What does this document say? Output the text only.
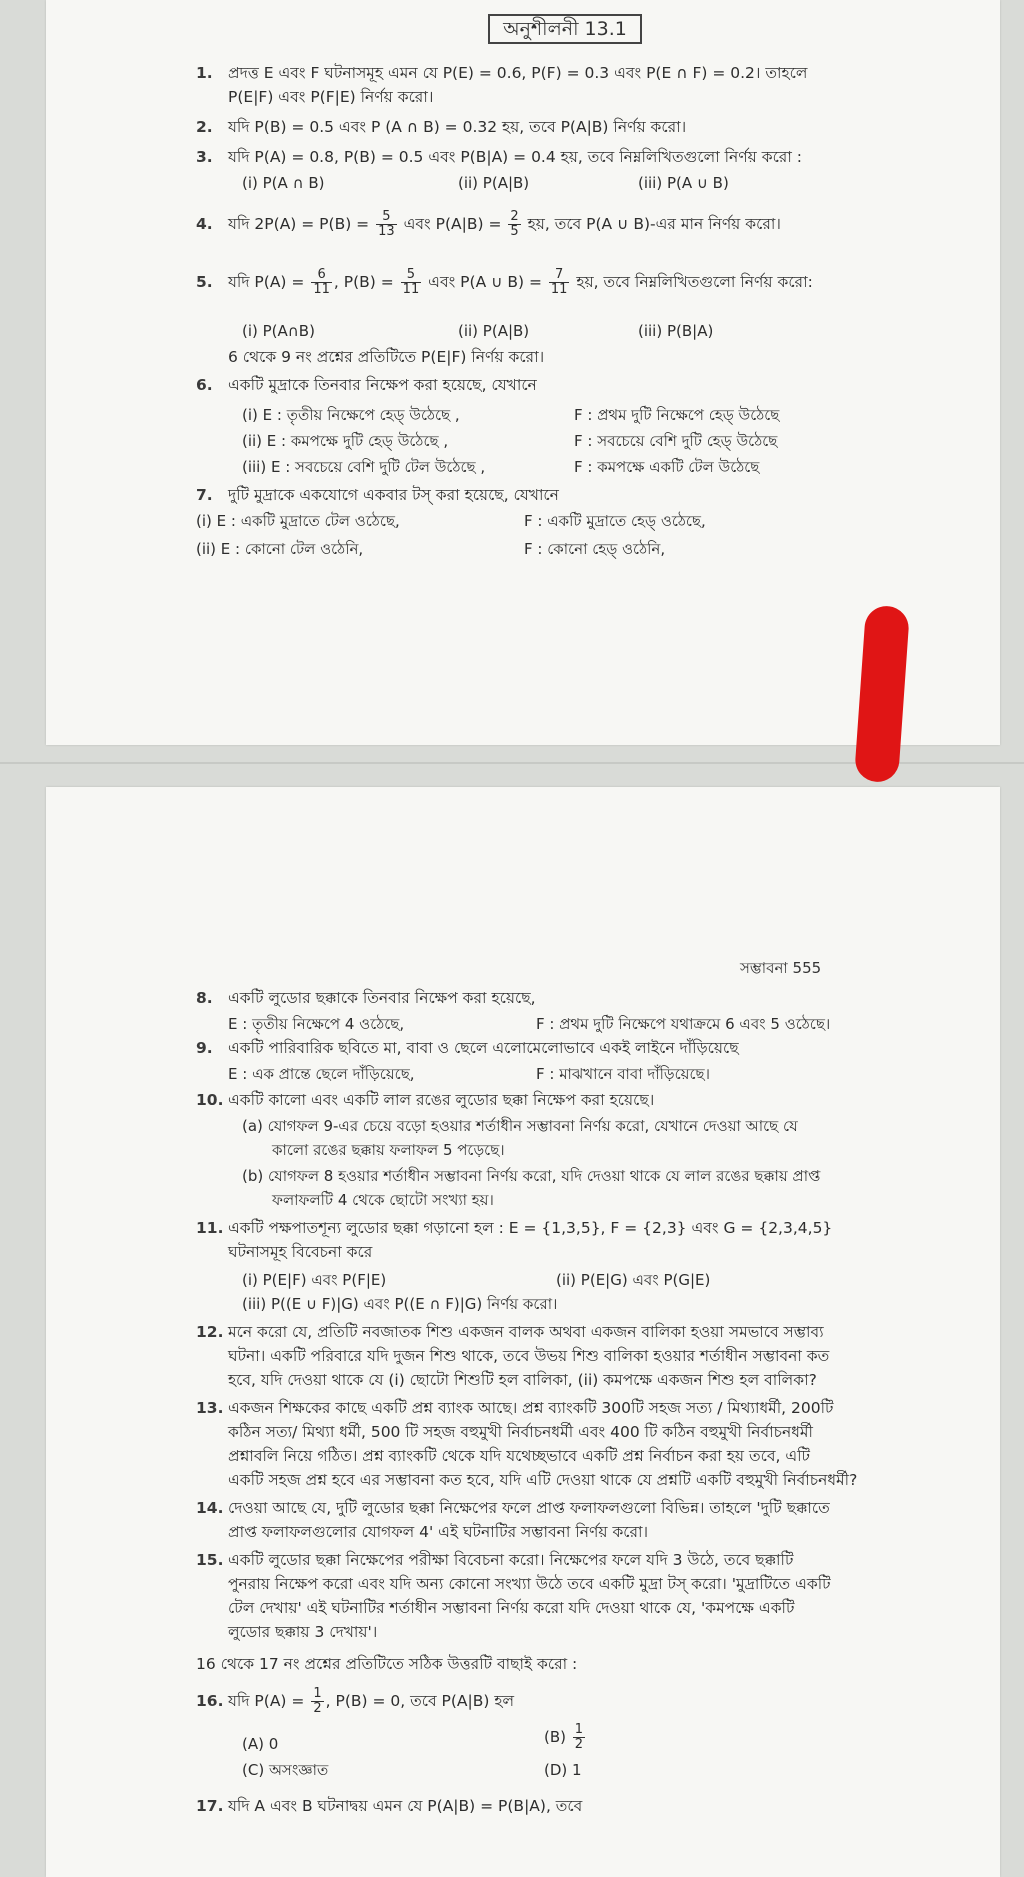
অনুশীলনী 13.1
1. প্রদত্ত E এবং F ঘটনাসমূহ এমন যে P(E) = 0.6, P(F) = 0.3 এবং P(E ∩ F) = 0.2। তাহলে
P(E|F) এবং P(F|E) নির্ণয় করো।
2. যদি P(B) = 0.5 এবং P (A ∩ B) = 0.32 হয়, তবে P(A|B) নির্ণয় করো।
3. যদি P(A) = 0.8, P(B) = 0.5 এবং P(B|A) = 0.4 হয়, তবে নিম্নলিখিতগুলো নির্ণয় করো :
(i) P(A ∩ B)	(ii) P(A|B)	(iii) P(A ∪ B)
4. যদি $2P(A) = P(B) = \frac{5}{13}$ এবং $P(A|B) = \frac{2}{5}$ হয়, তবে P(A ∪ B)-এর মান নির্ণয় করো।
5. যদি $P(A) = \frac{6}{11}$ , $P(B) = \frac{5}{11}$ এবং P(A ∪ $B) = \frac{7}{11}$ হয়, তবে নিম্নলিখিতগুলো নির্ণয় করো:
(i) P(A∩B)	(ii) P(A|B)	(iii) P(B|A)
6 থেকে 9 নং প্রশ্নের প্রতিটিতে P(E|F) নির্ণয় করো।
6. একটি মুদ্রাকে তিনবার নিক্ষেপ করা হয়েছে, যেখানে
(i) E : তৃতীয় নিক্ষেপে হেড্ উঠেছে ,	F : প্রথম দুটি নিক্ষেপে হেড্ উঠেছে
(ii) E : কমপক্ষে দুটি হেড্ উঠেছে ,	F : সবচেয়ে বেশি দুটি হেড্ উঠেছে
(iii) E : সবচেয়ে বেশি দুটি টেল উঠেছে ,	F : কমপক্ষে একটি টেল উঠেছে
7. দুটি মুদ্রাকে একযোগে একবার টস্ করা হয়েছে, যেখানে
(i) E : একটি মুদ্রাতে টেল ওঠেছে,	F : একটি মুদ্রাতে হেড্ ওঠেছে,
(ii) E : কোনো টেল ওঠেনি,	F : কোনো হেড্ ওঠেনি,
সম্ভাবনা 555
8. একটি লুডোর ছক্কাকে তিনবার নিক্ষেপ করা হয়েছে,
E : তৃতীয় নিক্ষেপে 4 ওঠেছে,	F : প্রথম দুটি নিক্ষেপে যথাক্রমে 6 এবং 5 ওঠেছে।
9. একটি পারিবারিক ছবিতে মা, বাবা ও ছেলে এলোমেলোভাবে একই লাইনে দাঁড়িয়েছে
E : এক প্রান্তে ছেলে দাঁড়িয়েছে,	F : মাঝখানে বাবা দাঁড়িয়েছে।
10. একটি কালো এবং একটি লাল রঙের লুডোর ছক্কা নিক্ষেপ করা হয়েছে।
(a) যোগফল 9-এর চেয়ে বড়ো হওয়ার শর্তাধীন সম্ভাবনা নির্ণয় করো, যেখানে দেওয়া আছে যে
কালো রঙের ছক্কায় ফলাফল 5 পড়েছে।
(b) যোগফল 8 হওয়ার শর্তাধীন সম্ভাবনা নির্ণয় করো, যদি দেওয়া থাকে যে লাল রঙের ছক্কায় প্রাপ্ত
ফলাফলটি 4 থেকে ছোটো সংখ্যা হয়।
11. একটি পক্ষপাতশূন্য লুডোর ছক্কা গড়ানো হল : E = {1,3,5}, F = {2,3} এবং G = {2,3,4,5}
ঘটনাসমূহ বিবেচনা করে
(i) P(E|F) এবং P(F|E)	(ii) P(E|G) এবং P(G|E)
(iii) P((E ∪ F)|G) এবং P((E ∩ F)|G) নির্ণয় করো।
12. মনে করো যে, প্রতিটি নবজাতক শিশু একজন বালক অথবা একজন বালিকা হওয়া সমভাবে সম্ভাব্য
ঘটনা। একটি পরিবারে যদি দুজন শিশু থাকে, তবে উভয় শিশু বালিকা হওয়ার শর্তাধীন সম্ভাবনা কত
হবে, যদি দেওয়া থাকে যে (i) ছোটো শিশুটি হল বালিকা, (ii) কমপক্ষে একজন শিশু হল বালিকা?
13. একজন শিক্ষকের কাছে একটি প্রশ্ন ব্যাংক আছে। প্রশ্ন ব্যাংকটি 300টি সহজ সত্য / মিথ্যাধর্মী, 200টি
কঠিন সত্য/ মিথ্যা ধর্মী, 500 টি সহজ বহুমুখী নির্বাচনধর্মী এবং 400 টি কঠিন বহুমুখী নির্বাচনধর্মী
প্রশ্নাবলি নিয়ে গঠিত। প্রশ্ন ব্যাংকটি থেকে যদি যথেচ্ছভাবে একটি প্রশ্ন নির্বাচন করা হয় তবে, এটি
একটি সহজ প্রশ্ন হবে এর সম্ভাবনা কত হবে, যদি এটি দেওয়া থাকে যে প্রশ্নটি একটি বহুমুখী নির্বাচনধর্মী?
14. দেওয়া আছে যে, দুটি লুডোর ছক্কা নিক্ষেপের ফলে প্রাপ্ত ফলাফলগুলো বিভিন্ন। তাহলে 'দুটি ছক্কাতে
প্রাপ্ত ফলাফলগুলোর যোগফল 4' এই ঘটনাটির সম্ভাবনা নির্ণয় করো।
15. একটি লুডোর ছক্কা নিক্ষেপের পরীক্ষা বিবেচনা করো। নিক্ষেপের ফলে যদি 3 উঠে, তবে ছক্কাটি
পুনরায় নিক্ষেপ করো এবং যদি অন্য কোনো সংখ্যা উঠে তবে একটি মুদ্রা টস্ করো। 'মুদ্রাটিতে একটি
টেল দেখায়' এই ঘটনাটির শর্তাধীন সম্ভাবনা নির্ণয় করো যদি দেওয়া থাকে যে, 'কমপক্ষে একটি
লুডোর ছক্কায় 3 দেখায়'।
16 থেকে 17 নং প্রশ্নের প্রতিটিতে সঠিক উত্তরটি বাছাই করো :
16. যদি $P(A) = \frac{1}{2}$ , P(B) = 0, তবে P(A|B) হল
(A) 0	$(B) \frac{1}{2}$
(C) অসংজ্ঞাত	(D) 1
17. যদি A এবং B ঘটনাদ্বয় এমন যে P(A|B) = P(B|A), তবে
